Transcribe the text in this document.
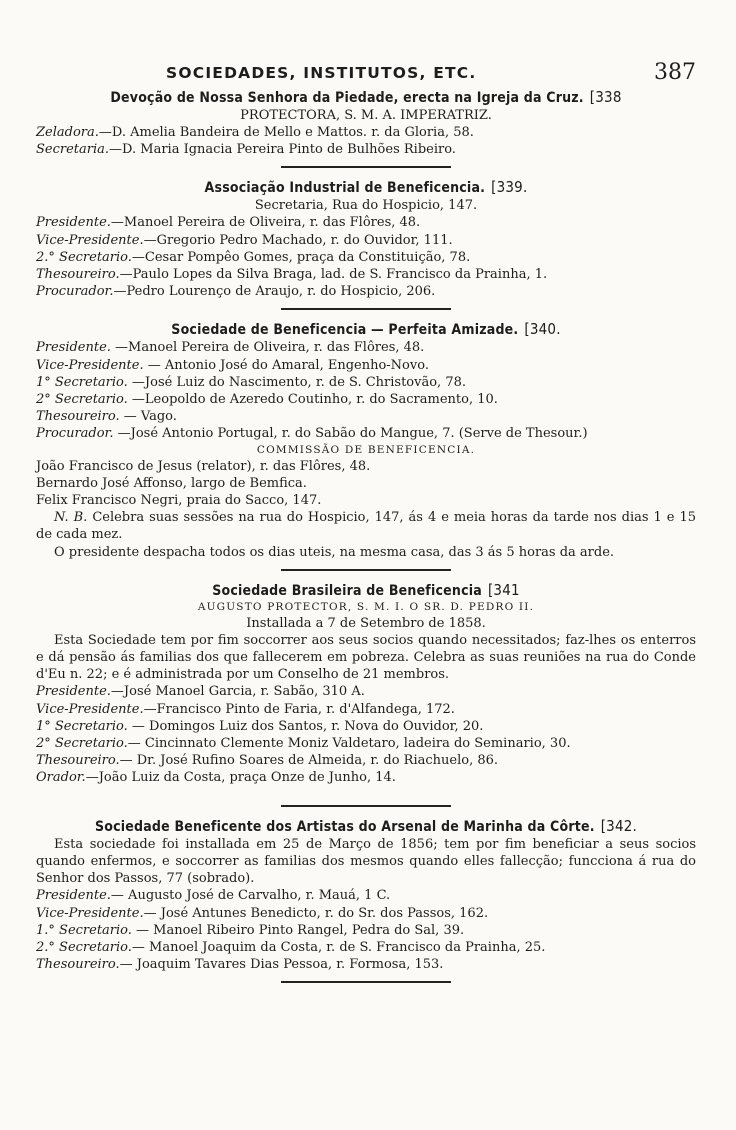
SOCIEDADES, INSTITUTOS, ETC.	387

Devoção de Nossa Senhora da Piedade, erecta na Igreja da Cruz. [338

PROTECTORA, S. M. A. IMPERATRIZ.

Zeladora.—D. Amelia Bandeira de Mello e Mattos. r. da Gloria, 58.

Secretaria.—D. Maria Ignacia Pereira Pinto de Bulhões Ribeiro.

Associação Industrial de Beneficencia. [339.

Secretaria, Rua do Hospicio, 147.

Presidente.—Manoel Pereira de Oliveira, r. das Flôres, 48.

Vice-Presidente.—Gregorio Pedro Machado, r. do Ouvidor, 111.

2.° Secretario.—Cesar Pompêo Gomes, praça da Constituição, 78.

Thesoureiro.—Paulo Lopes da Silva Braga, lad. de S. Francisco da Prainha, 1.

Procurador.—Pedro Lourenço de Araujo, r. do Hospicio, 206.

Sociedade de Beneficencia — Perfeita Amizade. [340.

Presidente. —Manoel Pereira de Oliveira, r. das Flôres, 48.

Vice-Presidente. — Antonio José do Amaral, Engenho-Novo.

1° Secretario. —José Luiz do Nascimento, r. de S. Christovão, 78.

2° Secretario. —Leopoldo de Azeredo Coutinho, r. do Sacramento, 10.

Thesoureiro. — Vago.

Procurador. —José Antonio Portugal, r. do Sabão do Mangue, 7. (Serve de Thesour.)

COMMISSÃO DE BENEFICENCIA.

João Francisco de Jesus (relator), r. das Flôres, 48.

Bernardo José Affonso, largo de Bemfica.

Felix Francisco Negri, praia do Sacco, 147.

N. B. Celebra suas sessões na rua do Hospicio, 147, ás 4 e meia horas da tarde nos dias 1 e 15 de cada mez.

O presidente despacha todos os dias uteis, na mesma casa, das 3 ás 5 horas da arde.

Sociedade Brasileira de Beneficencia [341

AUGUSTO PROTECTOR, S. M. I. O SR. D. PEDRO II.

Installada a 7 de Setembro de 1858.

Esta Sociedade tem por fim soccorrer aos seus socios quando necessitados; faz-lhes os enterros e dá pensão ás familias dos que fallecerem em pobreza. Celebra as suas reuniões na rua do Conde d'Eu n. 22; e é administrada por um Conselho de 21 membros.

Presidente.—José Manoel Garcia, r. Sabão, 310 A.

Vice-Presidente.—Francisco Pinto de Faria, r. d'Alfandega, 172.

1° Secretario. — Domingos Luiz dos Santos, r. Nova do Ouvidor, 20.

2° Secretario.— Cincinnato Clemente Moniz Valdetaro, ladeira do Seminario, 30.

Thesoureiro.— Dr. José Rufino Soares de Almeida, r. do Riachuelo, 86.

Orador.—João Luiz da Costa, praça Onze de Junho, 14.

Sociedade Beneficente dos Artistas do Arsenal de Marinha da Côrte. [342.

Esta sociedade foi installada em 25 de Março de 1856; tem por fim beneficiar a seus socios quando enfermos, e soccorrer as familias dos mesmos quando elles fallecção; funcciona á rua do Senhor dos Passos, 77 (sobrado).

Presidente.— Augusto José de Carvalho, r. Mauá, 1 C.

Vice-Presidente.— José Antunes Benedicto, r. do Sr. dos Passos, 162.

1.° Secretario. — Manoel Ribeiro Pinto Rangel, Pedra do Sal, 39.

2.° Secretario.— Manoel Joaquim da Costa, r. de S. Francisco da Prainha, 25.

Thesoureiro.— Joaquim Tavares Dias Pessoa, r. Formosa, 153.
